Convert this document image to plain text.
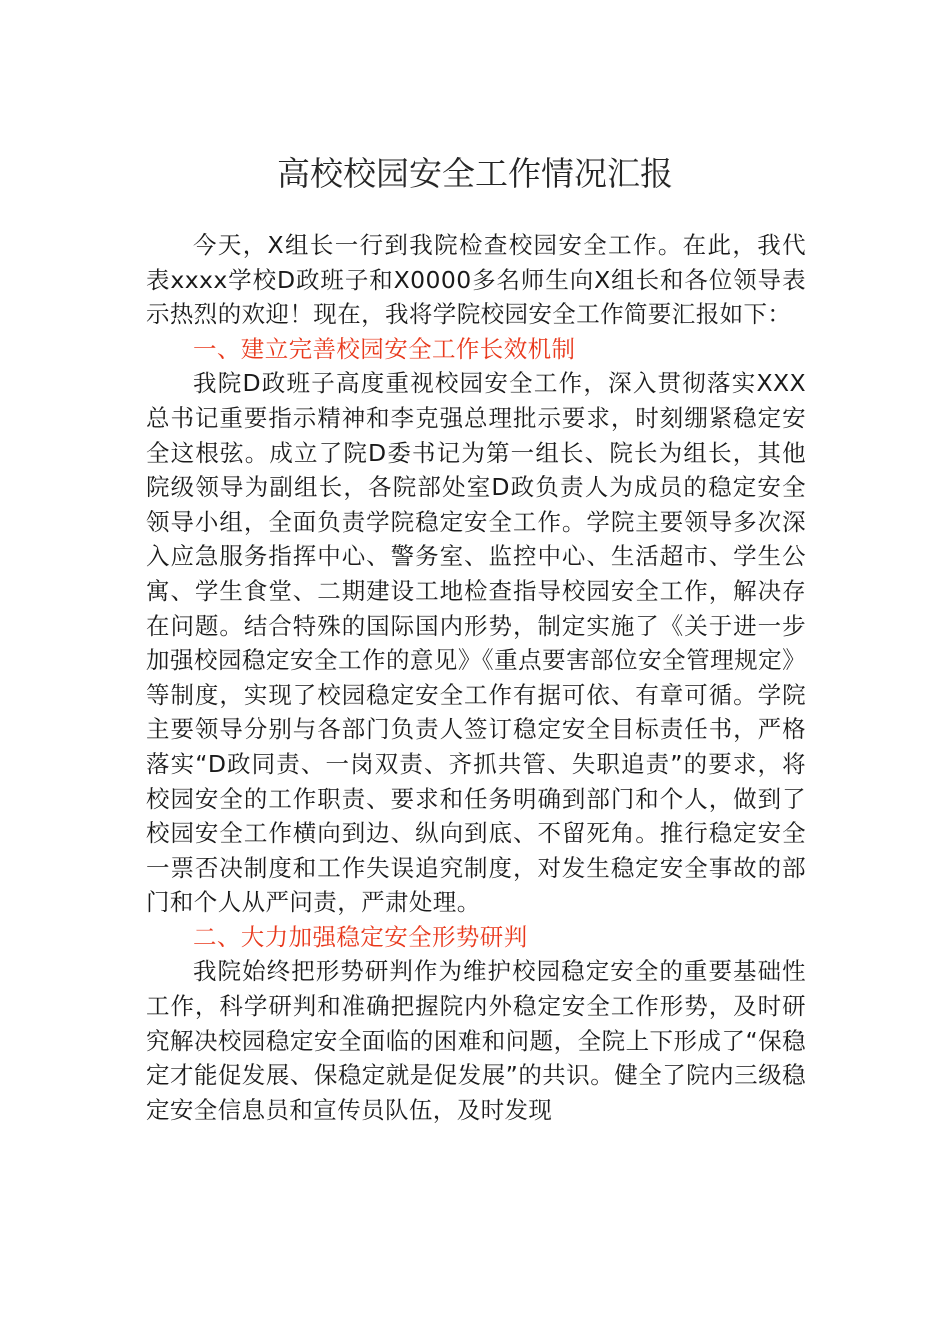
高校校园安全工作情况汇报

今天，X组长一行到我院检查校园安全工作。在此，我代表xxxx学校D政班子和X0000多名师生向X组长和各位领导表示热烈的欢迎！现在，我将学院校园安全工作简要汇报如下：

一、建立完善校园安全工作长效机制

我院D政班子高度重视校园安全工作，深入贯彻落实XXX总书记重要指示精神和李克强总理批示要求，时刻绷紧稳定安全这根弦。成立了院D委书记为第一组长、院长为组长，其他院级领导为副组长，各院部处室D政负责人为成员的稳定安全领导小组，全面负责学院稳定安全工作。学院主要领导多次深入应急服务指挥中心、警务室、监控中心、生活超市、学生公寓、学生食堂、二期建设工地检查指导校园安全工作，解决存在问题。结合特殊的国际国内形势，制定实施了《关于进一步加强校园稳定安全工作的意见》《重点要害部位安全管理规定》等制度，实现了校园稳定安全工作有据可依、有章可循。学院主要领导分别与各部门负责人签订稳定安全目标责任书，严格落实“D政同责、一岗双责、齐抓共管、失职追责”的要求，将校园安全的工作职责、要求和任务明确到部门和个人，做到了校园安全工作横向到边、纵向到底、不留死角。推行稳定安全一票否决制度和工作失误追究制度，对发生稳定安全事故的部门和个人从严问责，严肃处理。

二、大力加强稳定安全形势研判

我院始终把形势研判作为维护校园稳定安全的重要基础性工作，科学研判和准确把握院内外稳定安全工作形势，及时研究解决校园稳定安全面临的困难和问题，全院上下形成了“保稳定才能促发展、保稳定就是促发展”的共识。健全了院内三级稳定安全信息员和宣传员队伍，及时发现
